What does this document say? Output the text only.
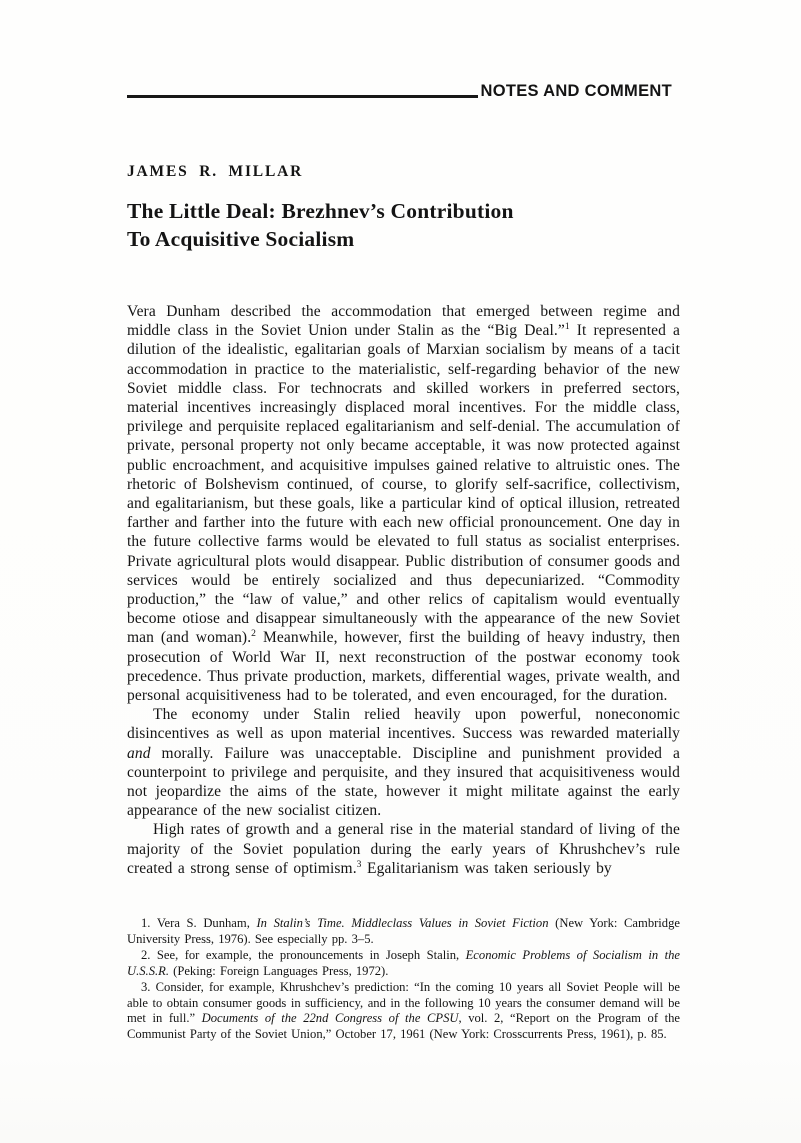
NOTES AND COMMENT
JAMES R. MILLAR
The Little Deal: Brezhnev’s Contribution
To Acquisitive Socialism

Vera Dunham described the accommodation that emerged between regime and middle class in the Soviet Union under Stalin as the “Big Deal.”$^1$ It represented a dilution of the idealistic, egalitarian goals of Marxian socialism by means of a tacit accommodation in practice to the materialistic, self-regarding behavior of the new Soviet middle class. For technocrats and skilled workers in preferred sectors, material incentives increasingly displaced moral incentives. For the middle class, privilege and perquisite replaced egalitarianism and self-denial. The accumulation of private, personal property not only became acceptable, it was now protected against public encroachment, and acquisitive impulses gained relative to altruistic ones. The rhetoric of Bolshevism continued, of course, to glorify self-sacrifice, collectivism, and egalitarianism, but these goals, like a particular kind of optical illusion, retreated farther and farther into the future with each new official pronouncement. One day in the future collective farms would be elevated to full status as socialist enterprises. Private agricultural plots would disappear. Public distribution of consumer goods and services would be entirely socialized and thus depecuniarized. “Commodity production,” the “law of value,” and other relics of capitalism would eventually become otiose and disappear simultaneously with the appearance of the new Soviet man (and woman).$^2$ Meanwhile, however, first the building of heavy industry, then prosecution of World War II, next reconstruction of the postwar economy took precedence. Thus private production, markets, differential wages, private wealth, and personal acquisitiveness had to be tolerated, and even encouraged, for the duration.

The economy under Stalin relied heavily upon powerful, noneconomic disincentives as well as upon material incentives. Success was rewarded materially and morally. Failure was unacceptable. Discipline and punishment provided a counterpoint to privilege and perquisite, and they insured that acquisitiveness would not jeopardize the aims of the state, however it might militate against the early appearance of the new socialist citizen.

High rates of growth and a general rise in the material standard of living of the majority of the Soviet population during the early years of Khrushchev’s rule created a strong sense of optimism.$^3$ Egalitarianism was taken seriously by

1. Vera S. Dunham, In Stalin’s Time. Middleclass Values in Soviet Fiction (New York: Cambridge University Press, 1976). See especially pp. 3–5.

2. See, for example, the pronouncements in Joseph Stalin, Economic Problems of Socialism in the U.S.S.R. (Peking: Foreign Languages Press, 1972).

3. Consider, for example, Khrushchev’s prediction: “In the coming 10 years all Soviet People will be able to obtain consumer goods in sufficiency, and in the following 10 years the consumer demand will be met in full.” Documents of the 22nd Congress of the CPSU, vol. 2, “Report on the Program of the Communist Party of the Soviet Union,” October 17, 1961 (New York: Crosscurrents Press, 1961), p. 85.
